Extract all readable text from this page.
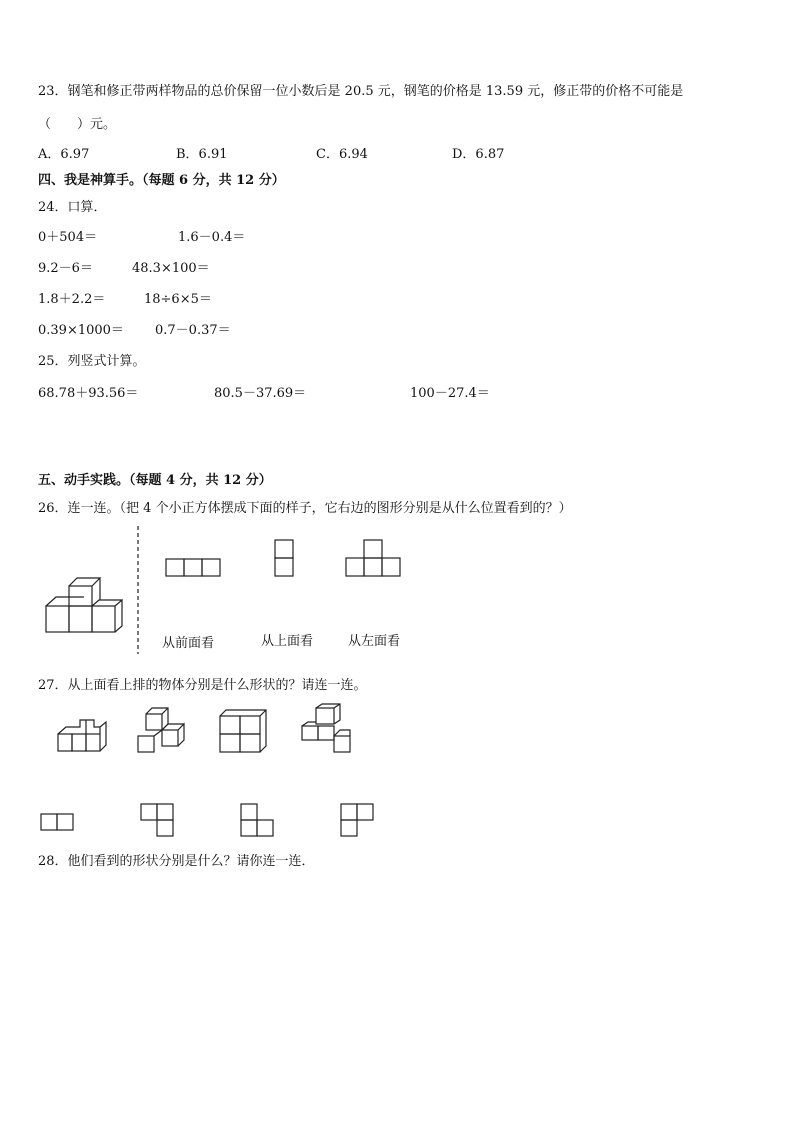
23．钢笔和修正带两样物品的总价保留一位小数后是 20.5 元，钢笔的价格是 13.59 元，修正带的价格不可能是
（　　）元。
A．6.97	B．6.91	C．6.94	D．6.87
四、我是神算手。（每题 6 分，共 12 分）
24．口算．
0＋504＝	1.6－0.4＝
9.2－6＝	48.3×100＝
1.8＋2.2＝	18÷6×5＝
0.39×1000＝ 0.7－0.37＝
25．列竖式计算。
68.78＋93.56＝	80.5－37.69＝	100－27.4＝
五、动手实践。（每题 4 分，共 12 分）
26．连一连。（把 4 个小正方体摆成下面的样子，它右边的图形分别是从什么位置看到的？）
从前面看	从上面看	从左面看
27．从上面看上排的物体分别是什么形状的？请连一连。
28．他们看到的形状分别是什么？请你连一连．
